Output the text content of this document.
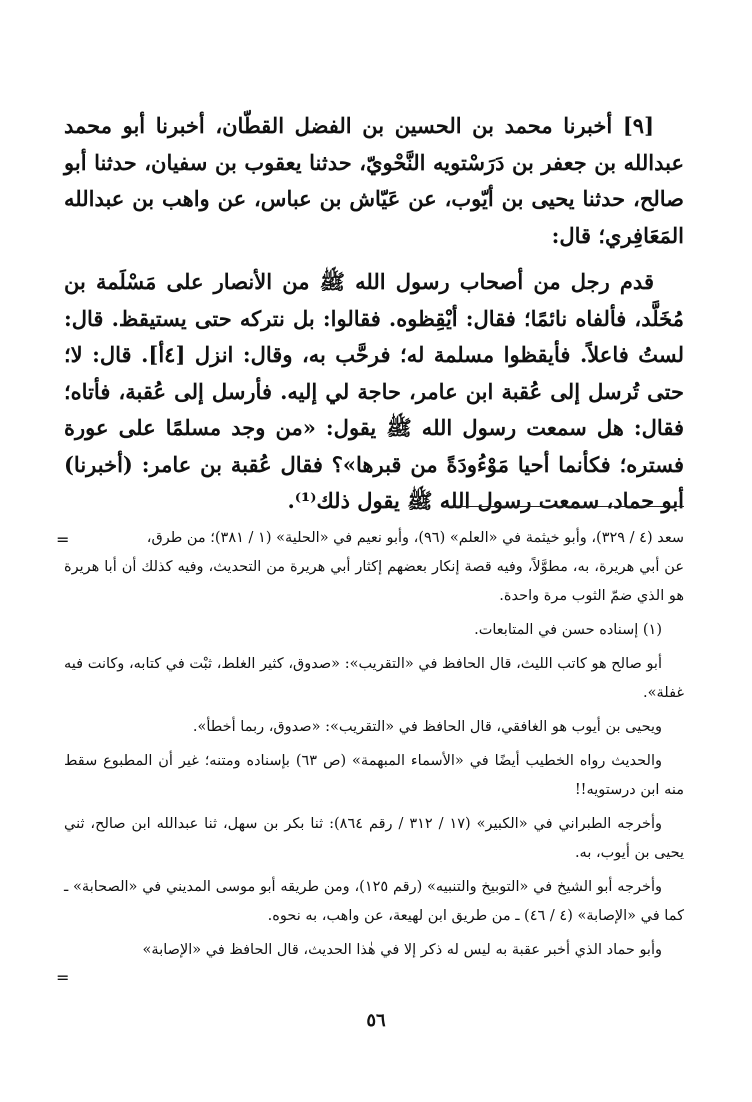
[٩] أخبرنا محمد بن الحسين بن الفضل القطّان، أخبرنا أبو محمد عبدالله بن جعفر بن دَرَسْتويه النَّحْويّ، حدثنا يعقوب بن سفيان، حدثنا أبو صالح، حدثنا يحيى بن أيّوب، عن عَيّاش بن عباس، عن واهب بن عبدالله المَعَافِري؛ قال:

قدم رجل من أصحاب رسول الله ﷺ من الأنصار على مَسْلَمة بن مُخَلَّد، فألفاه نائمًا؛ فقال: أيْقِظوه. فقالوا: بل نتركه حتى يستيقظ. قال: لستُ فاعلاً. فأيقظوا مسلمة له؛ فرحَّب به، وقال: انزل [٤أ]. قال: لا؛ حتى تُرسل إلى عُقبة ابن عامر، حاجة لي إليه. فأرسل إلى عُقبة، فأتاه؛ فقال: هل سمعت رسول الله ﷺ يقول: «من وجد مسلمًا على عورة فستره؛ فكأنما أحيا مَوْءُودَةً من قبرها»؟ فقال عُقبة بن عامر: (أخبرنا) أبو حماد، سمعت رسول الله ﷺ يقول ذلك⁽¹⁾.

=	سعد (٤ / ٣٢٩)، وأبو خيثمة في «العلم» (٩٦)، وأبو نعيم في «الحلية» (١ / ٣٨١)؛ من طرق،

عن أبي هريرة، به، مطوَّلاً، وفيه قصة إنكار بعضهم إكثار أبي هريرة من التحديث، وفيه كذلك أن أبا هريرة هو الذي ضمّ الثوب مرة واحدة.

(١) إسناده حسن في المتابعات.

أبو صالح هو كاتب الليث، قال الحافظ في «التقريب»: «صدوق، كثير الغلط، ثبْت في كتابه، وكانت فيه غفلة».

ويحيى بن أيوب هو الغافقي، قال الحافظ في «التقريب»: «صدوق، ربما أخطأ».

والحديث رواه الخطيب أيضًا في «الأسماء المبهمة» (ص ٦٣) بإسناده ومتنه؛ غير أن المطبوع سقط منه ابن درستويه!!

وأخرجه الطبراني في «الكبير» (١٧ / ٣١٢ / رقم ٨٦٤): ثنا بكر بن سهل، ثنا عبدالله ابن صالح، ثني يحيى بن أيوب، به.

وأخرجه أبو الشيخ في «التوبيخ والتنبيه» (رقم ١٢٥)، ومن طريقه أبو موسى المديني في «الصحابة» ـ كما في «الإصابة» (٤ / ٤٦) ـ من طريق ابن لهيعة، عن واهب، به نحوه.

وأبو حماد الذي أخبر عقبة به ليس له ذكر إلا في هٰذا الحديث، قال الحافظ في «الإصابة»

=
٥٦
